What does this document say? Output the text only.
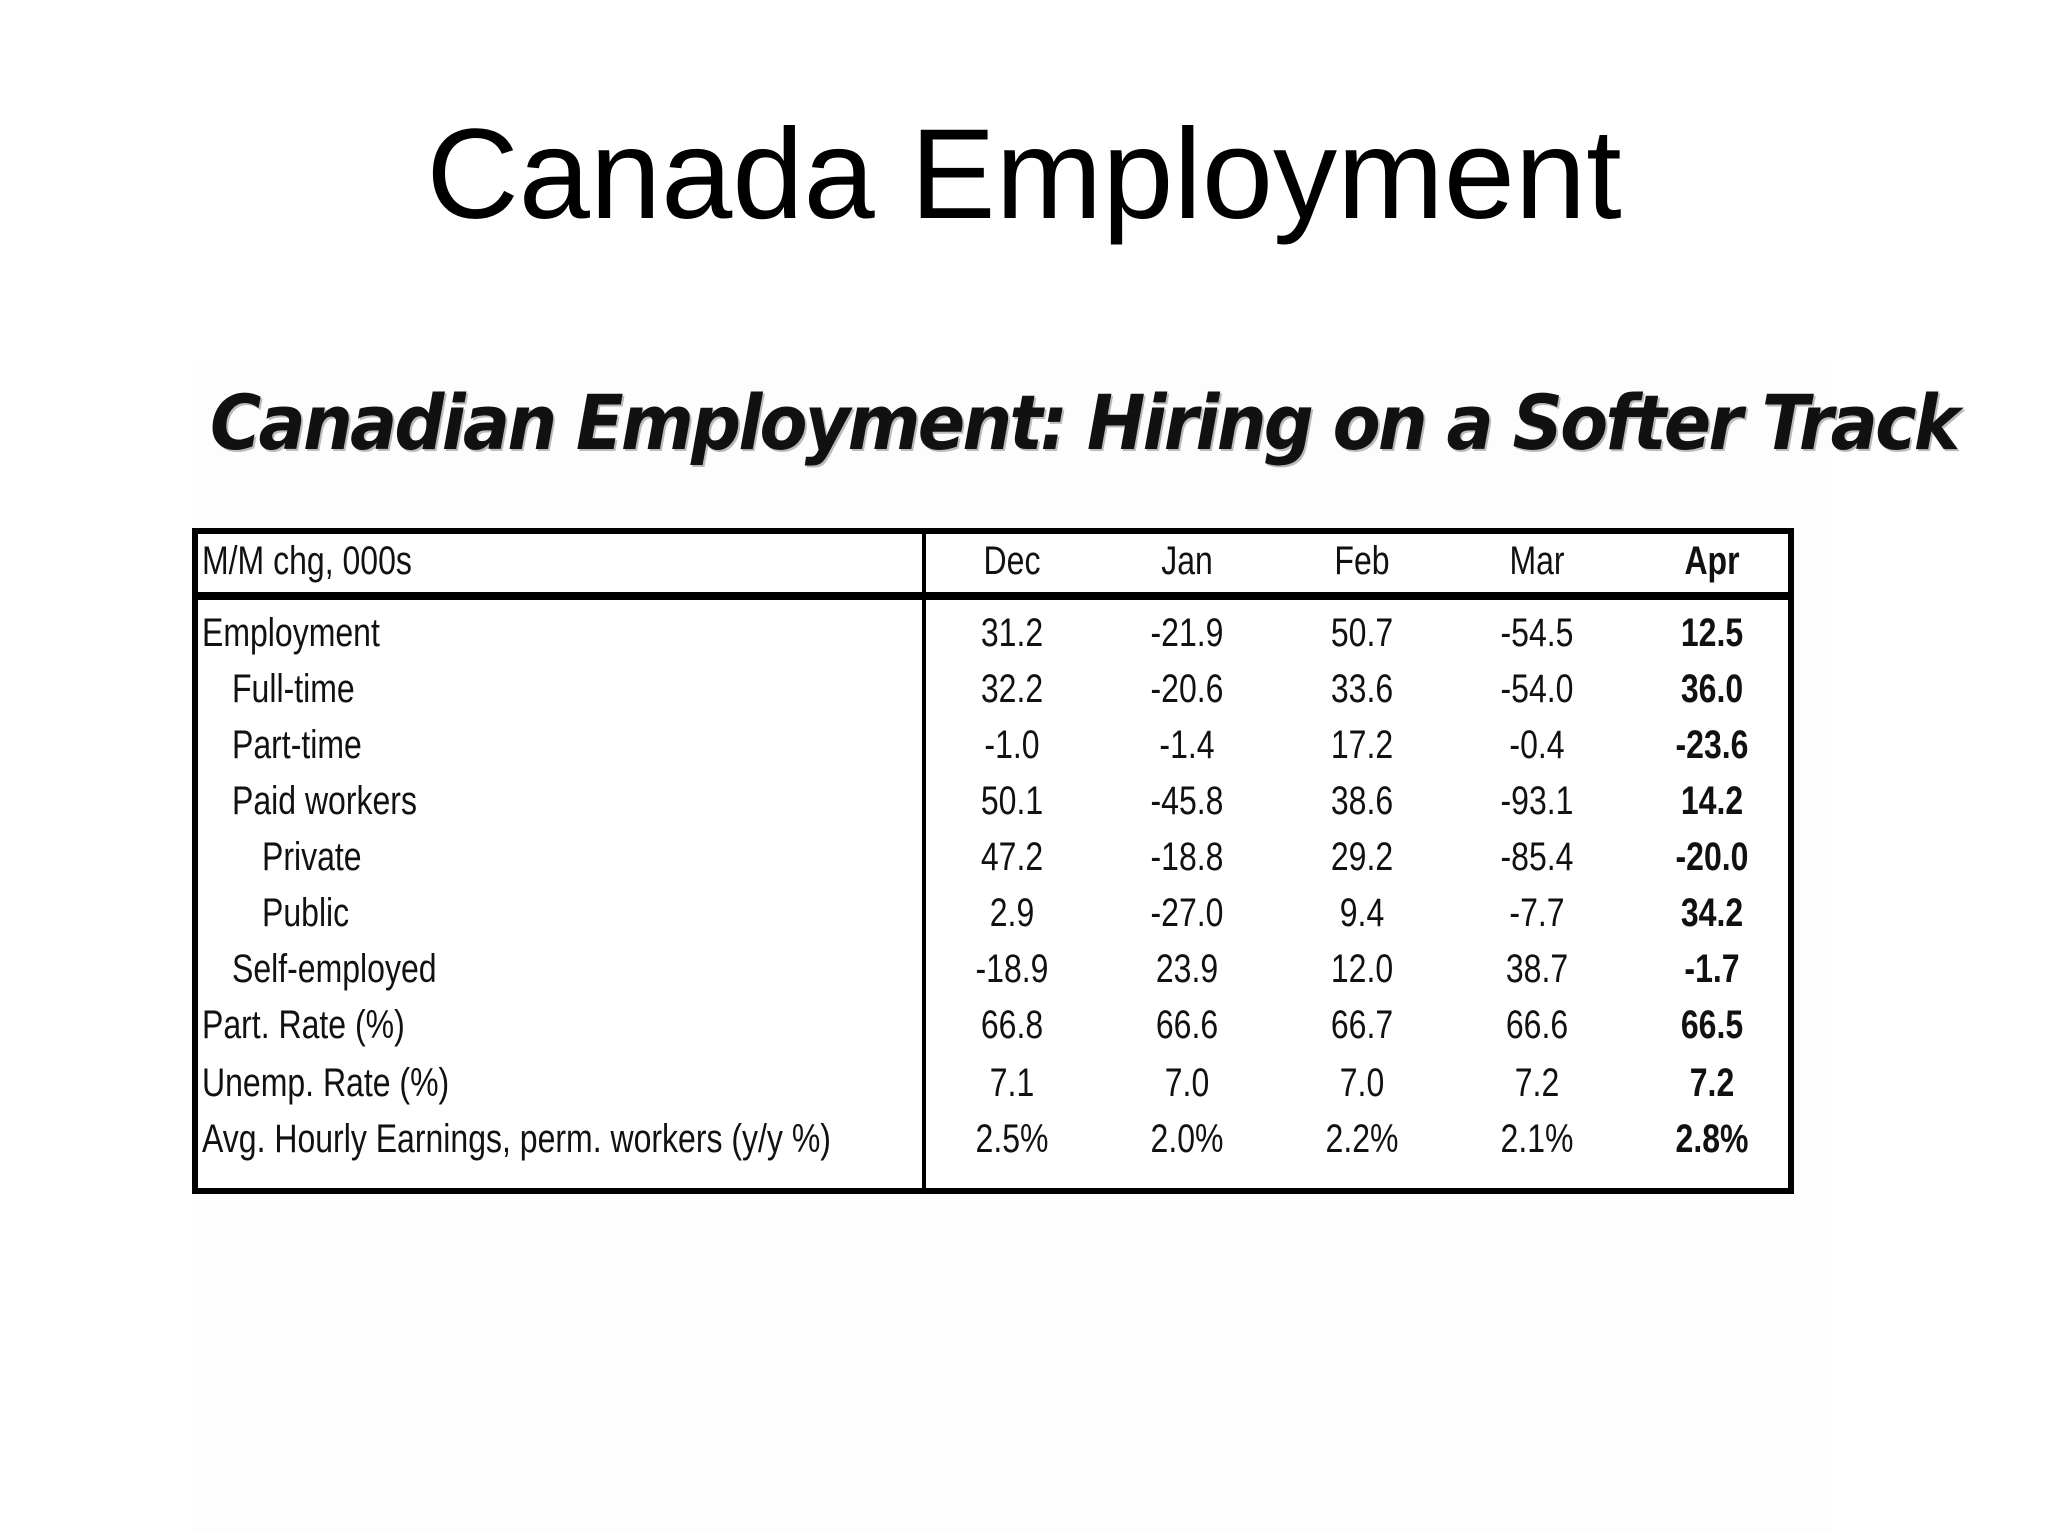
Canada Employment
Canadian Employment: Hiring on a Softer Track
M/M chg, 000s	Dec	Jan	Feb	Mar	Apr
Employment	31.2	-21.9	50.7	-54.5	12.5
Full-time	32.2	-20.6	33.6	-54.0	36.0
Part-time	-1.0	-1.4	17.2	-0.4	-23.6
Paid workers	50.1	-45.8	38.6	-93.1	14.2
Private	47.2	-18.8	29.2	-85.4	-20.0
Public	2.9	-27.0	9.4	-7.7	34.2
Self-employed	-18.9	23.9	12.0	38.7	-1.7
Part. Rate (%)	66.8	66.6	66.7	66.6	66.5
Unemp. Rate (%)	7.1	7.0	7.0	7.2	7.2
Avg. Hourly Earnings, perm. workers (y/y %)	2.5%	2.0%	2.2%	2.1%	2.8%
